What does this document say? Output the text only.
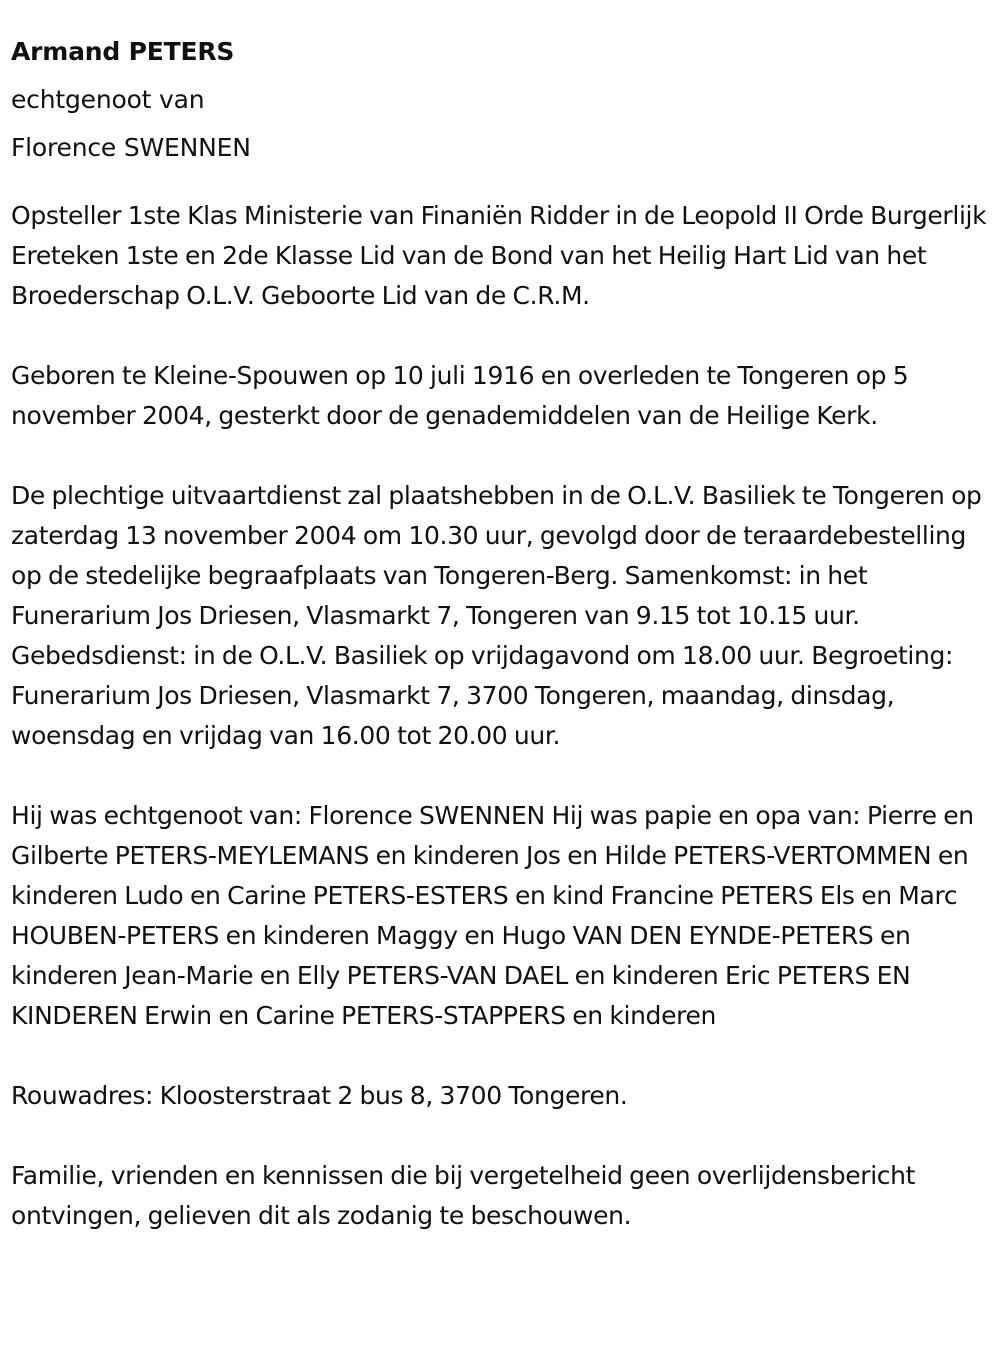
Armand PETERS

echtgenoot van

Florence SWENNEN

Opsteller 1ste Klas Ministerie van Finaniën Ridder in de Leopold II Orde Burgerlijk Ereteken 1ste en 2de Klasse Lid van de Bond van het Heilig Hart Lid van het Broederschap O.L.V. Geboorte Lid van de C.R.M.

Geboren te Kleine-Spouwen op 10 juli 1916 en overleden te Tongeren op 5 november 2004, gesterkt door de genademiddelen van de Heilige Kerk.

De plechtige uitvaartdienst zal plaatshebben in de O.L.V. Basiliek te Tongeren op zaterdag 13 november 2004 om 10.30 uur, gevolgd door de teraardebestelling op de stedelijke begraafplaats van Tongeren-Berg. Samenkomst: in het Funerarium Jos Driesen, Vlasmarkt 7, Tongeren van 9.15 tot 10.15 uur. Gebedsdienst: in de O.L.V. Basiliek op vrijdagavond om 18.00 uur. Begroeting: Funerarium Jos Driesen, Vlasmarkt 7, 3700 Tongeren, maandag, dinsdag, woensdag en vrijdag van 16.00 tot 20.00 uur.

Hij was echtgenoot van: Florence SWENNEN Hij was papie en opa van: Pierre en Gilberte PETERS-MEYLEMANS en kinderen Jos en Hilde PETERS-VERTOMMEN en kinderen Ludo en Carine PETERS-ESTERS en kind Francine PETERS Els en Marc HOUBEN-PETERS en kinderen Maggy en Hugo VAN DEN EYNDE-PETERS en kinderen Jean-Marie en Elly PETERS-VAN DAEL en kinderen Eric PETERS EN KINDEREN Erwin en Carine PETERS-STAPPERS en kinderen

Rouwadres: Kloosterstraat 2 bus 8, 3700 Tongeren.

Familie, vrienden en kennissen die bij vergetelheid geen overlijdensbericht ontvingen, gelieven dit als zodanig te beschouwen.
